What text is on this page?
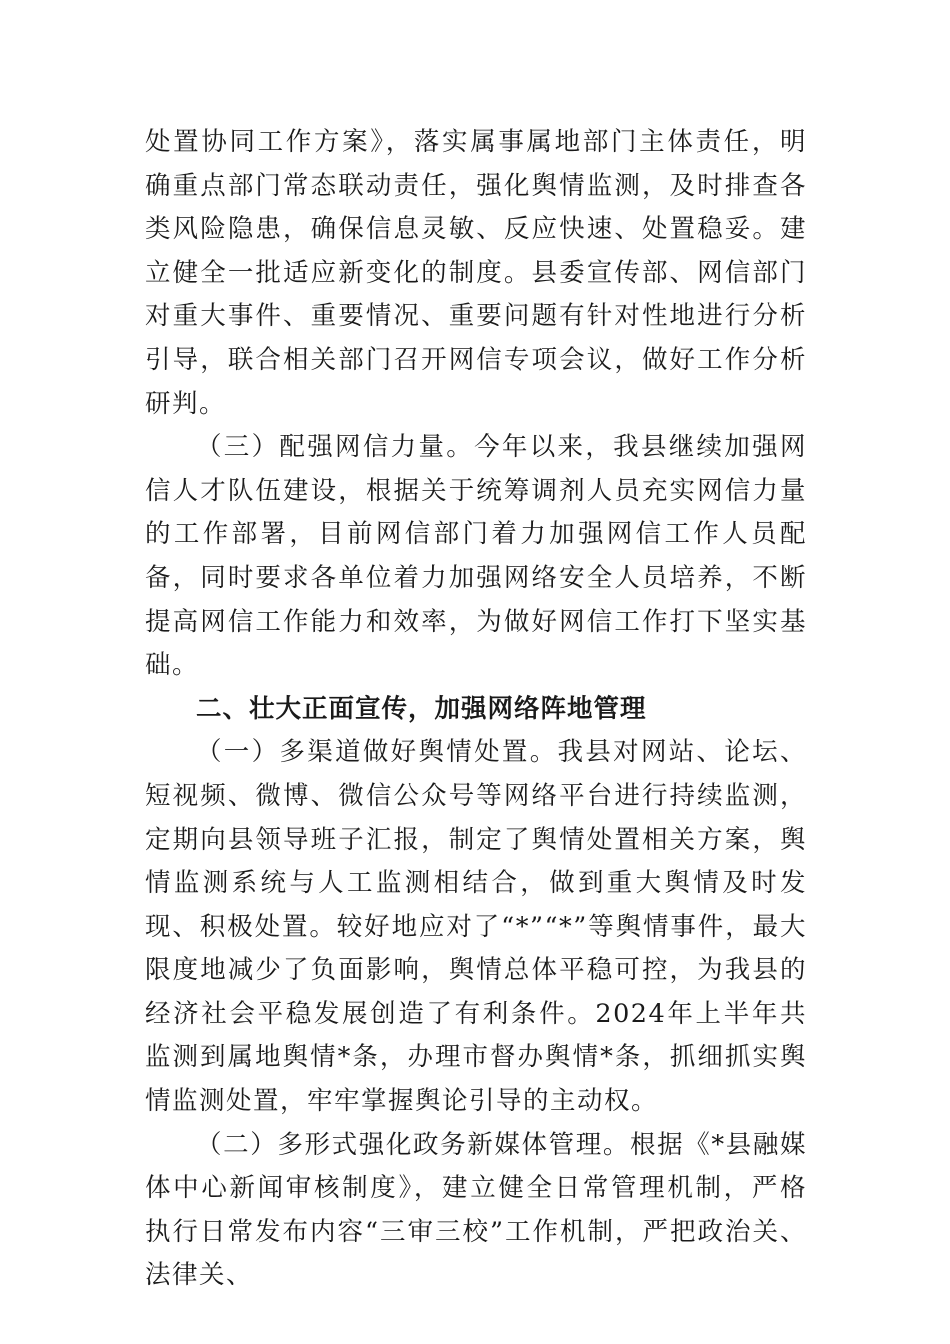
处置协同工作方案》，落实属事属地部门主体责任，明确重点部门常态联动责任，强化舆情监测，及时排查各类风险隐患，确保信息灵敏、反应快速、处置稳妥。建立健全一批适应新变化的制度。县委宣传部、网信部门对重大事件、重要情况、重要问题有针对性地进行分析引导，联合相关部门召开网信专项会议，做好工作分析研判。

（三）配强网信力量。今年以来，我县继续加强网信人才队伍建设，根据关于统筹调剂人员充实网信力量的工作部署，目前网信部门着力加强网信工作人员配备，同时要求各单位着力加强网络安全人员培养，不断提高网信工作能力和效率，为做好网信工作打下坚实基础。

二、壮大正面宣传，加强网络阵地管理

（一）多渠道做好舆情处置。我县对网站、论坛、短视频、微博、微信公众号等网络平台进行持续监测，定期向县领导班子汇报，制定了舆情处置相关方案，舆情监测系统与人工监测相结合，做到重大舆情及时发现、积极处置。较好地应对了“*”“*”等舆情事件，最大限度地减少了负面影响，舆情总体平稳可控，为我县的经济社会平稳发展创造了有利条件。2024年上半年共监测到属地舆情*条，办理市督办舆情*条，抓细抓实舆情监测处置，牢牢掌握舆论引导的主动权。

（二）多形式强化政务新媒体管理。根据《*县融媒体中心新闻审核制度》，建立健全日常管理机制，严格执行日常发布内容“三审三校”工作机制，严把政治关、法律关、
